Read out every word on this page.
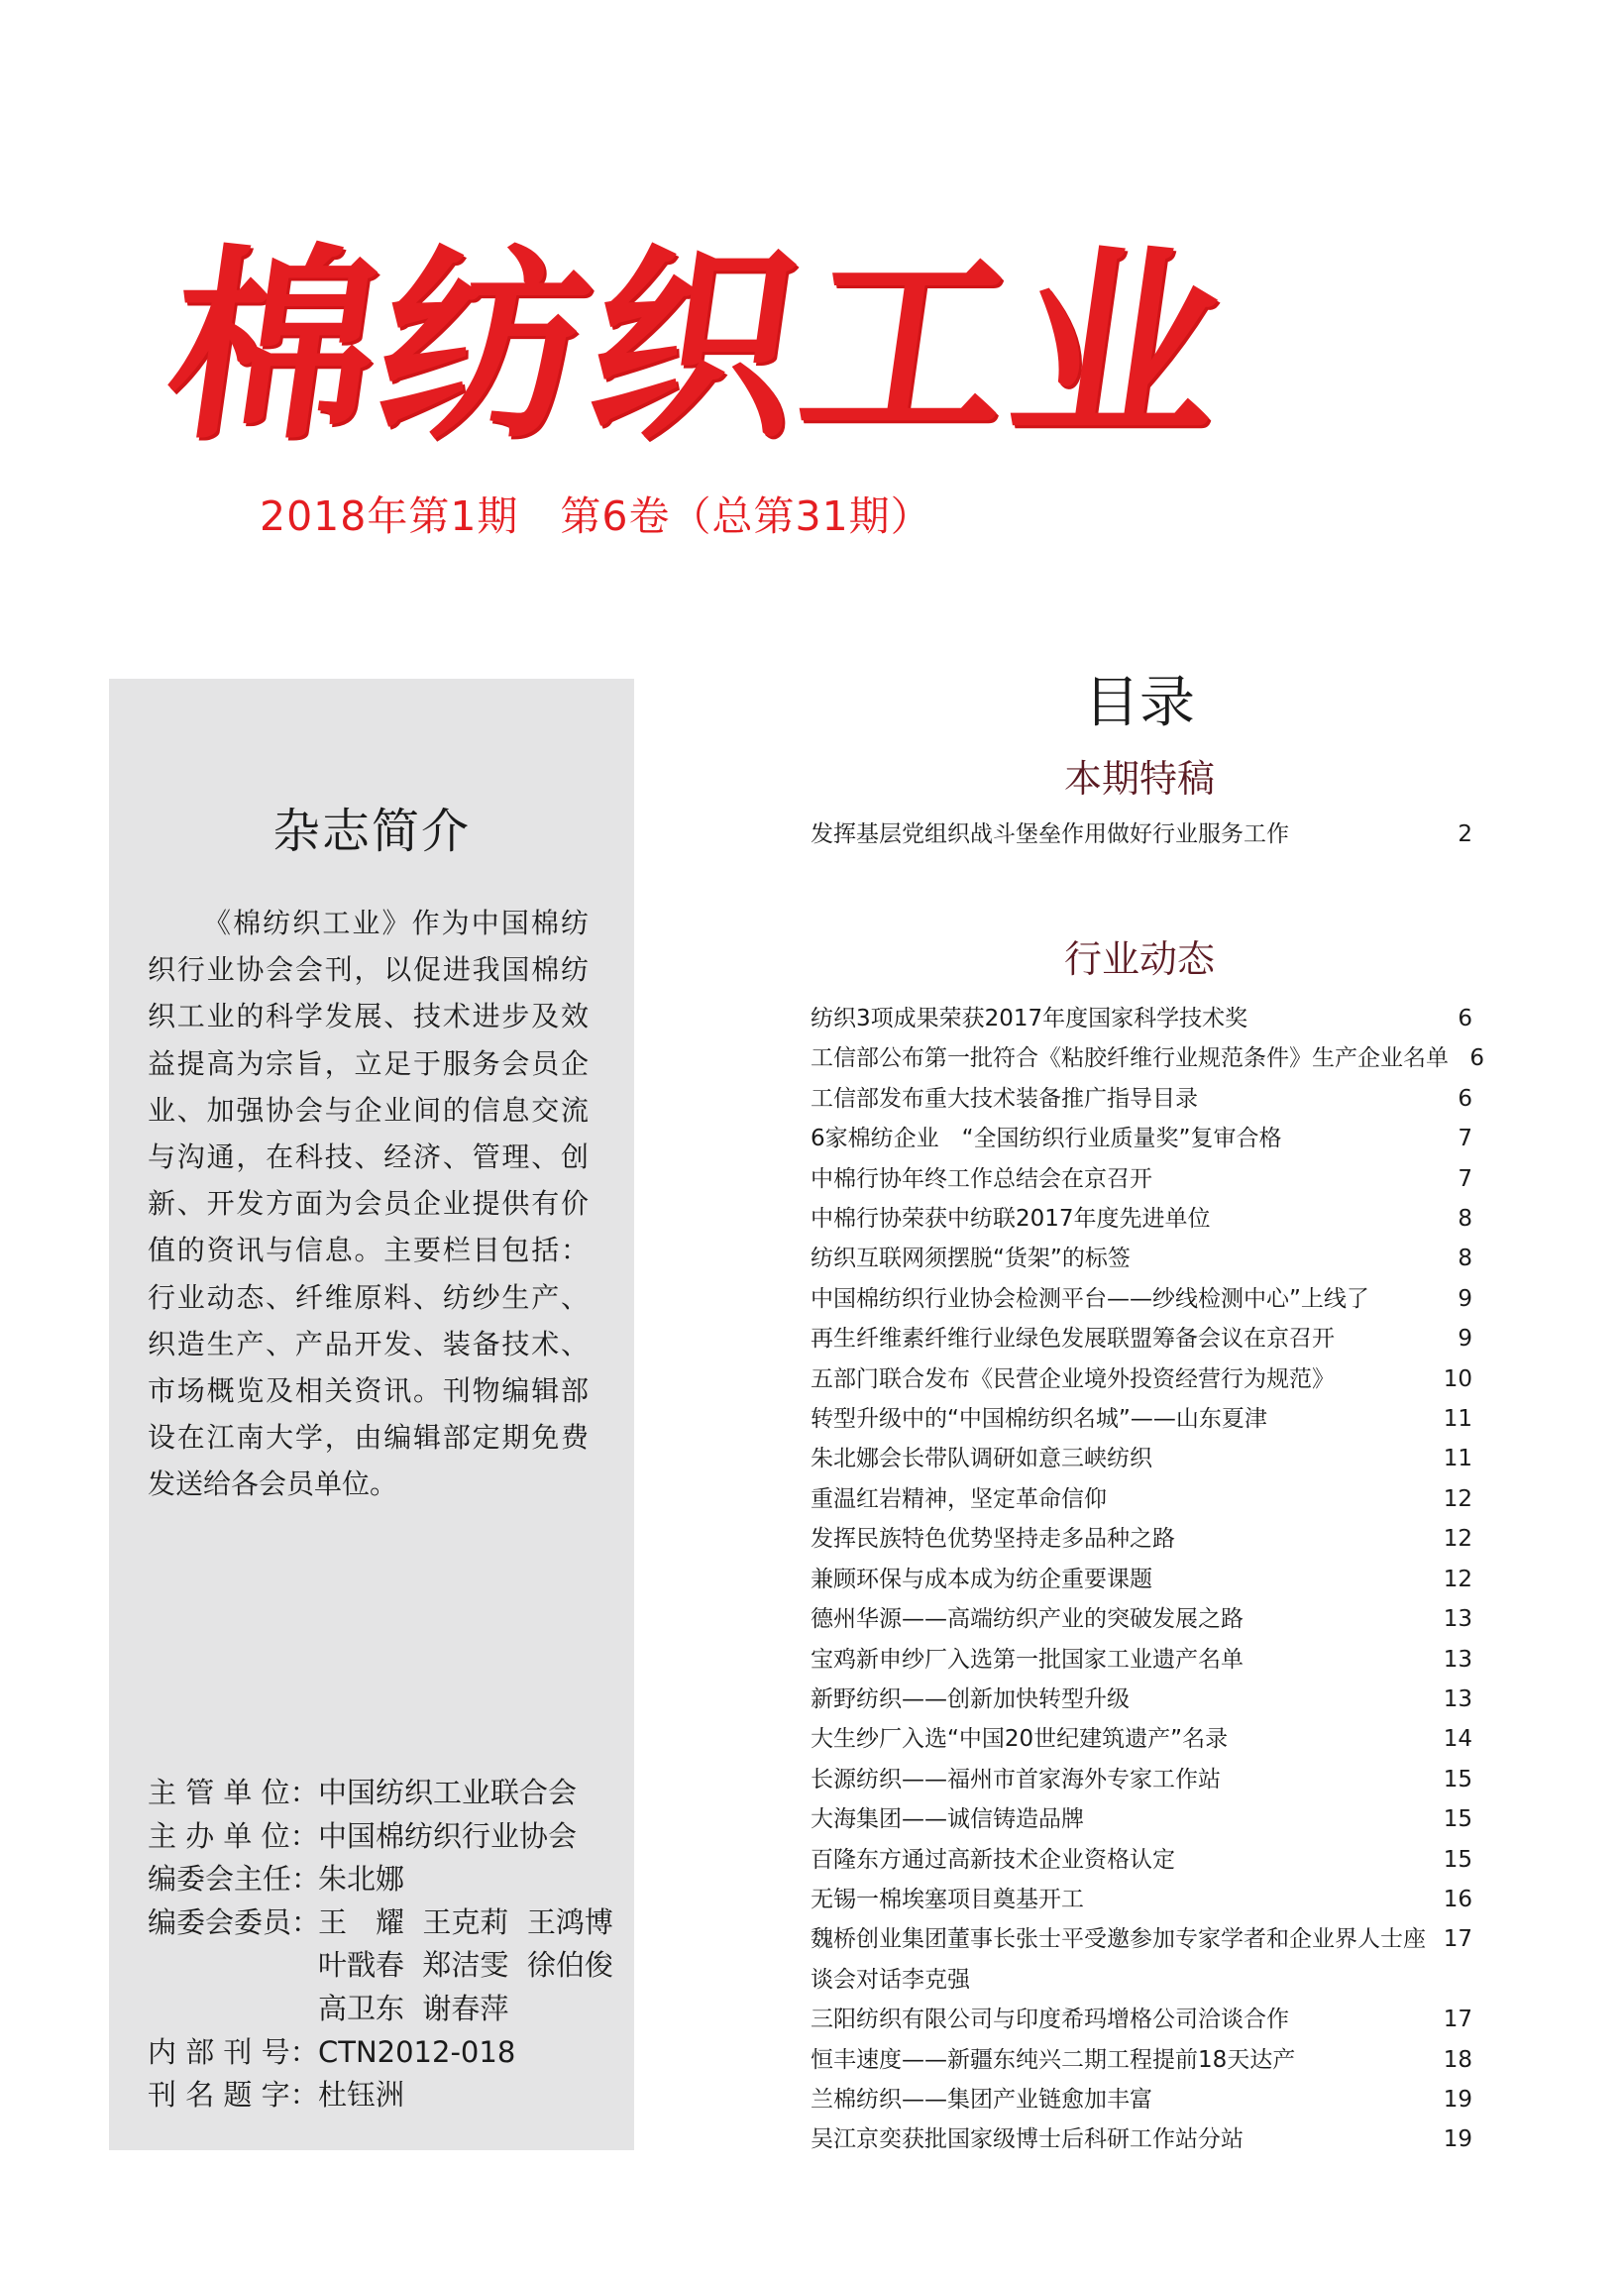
棉
纺
织
工
业
2018年第1期　第6卷（总第31期）
杂志简介

《棉纺织工业》作为中国棉纺织行业协会会刊，以促进我国棉纺织工业的科学发展、技术进步及效益提高为宗旨，立足于服务会员企业、加强协会与企业间的信息交流与沟通，在科技、经济、管理、创新、开发方面为会员企业提供有价值的资讯与信息。主要栏目包括：行业动态、纤维原料、纺纱生产、织造生产、产品开发、装备技术、市场概览及相关资讯。刊物编辑部设在江南大学，由编辑部定期免费发送给各会员单位。

主 管 单 位： 中国纺织工业联合会
主 办 单 位： 中国棉纺织行业协会
编委会主任：
朱北娜
编委会委员：
王　耀  王克莉  王鸿博
叶戬春  郑洁雯  徐伯俊
高卫东  谢春萍
内 部 刊 号： CTN2012-018
刊 名 题 字： 杜钰洲
目录
本期特稿
发挥基层党组织战斗堡垒作用做好行业服务工作	2
行业动态
纺织3项成果荣获2017年度国家科学技术奖	6
工信部公布第一批符合《粘胶纤维行业规范条件》生产企业名单 6
工信部发布重大技术装备推广指导目录	6
6家棉纺企业　“全国纺织行业质量奖”复审合格	7
中棉行协年终工作总结会在京召开	7
中棉行协荣获中纺联2017年度先进单位	8
纺织互联网须摆脱“货架”的标签	8
中国棉纺织行业协会检测平台——纱线检测中心”上线了	9
再生纤维素纤维行业绿色发展联盟筹备会议在京召开	9
五部门联合发布《民营企业境外投资经营行为规范》	10
转型升级中的“中国棉纺织名城”——山东夏津	11
朱北娜会长带队调研如意三峡纺织	11
重温红岩精神，坚定革命信仰	12
发挥民族特色优势坚持走多品种之路	12
兼顾环保与成本成为纺企重要课题	12
德州华源——高端纺织产业的突破发展之路	13
宝鸡新申纱厂入选第一批国家工业遗产名单	13
新野纺织——创新加快转型升级	13
大生纱厂入选“中国20世纪建筑遗产”名录	14
长源纺织——福州市首家海外专家工作站	15
大海集团——诚信铸造品牌	15
百隆东方通过高新技术企业资格认定	15
无锡一棉埃塞项目奠基开工	16
魏桥创业集团董事长张士平受邀参加专家学者和企业界人士座谈会对话李克强
17
三阳纺织有限公司与印度希玛增格公司洽谈合作	17
恒丰速度——新疆东纯兴二期工程提前18天达产	18
兰棉纺织——集团产业链愈加丰富	19
吴江京奕获批国家级博士后科研工作站分站	19
